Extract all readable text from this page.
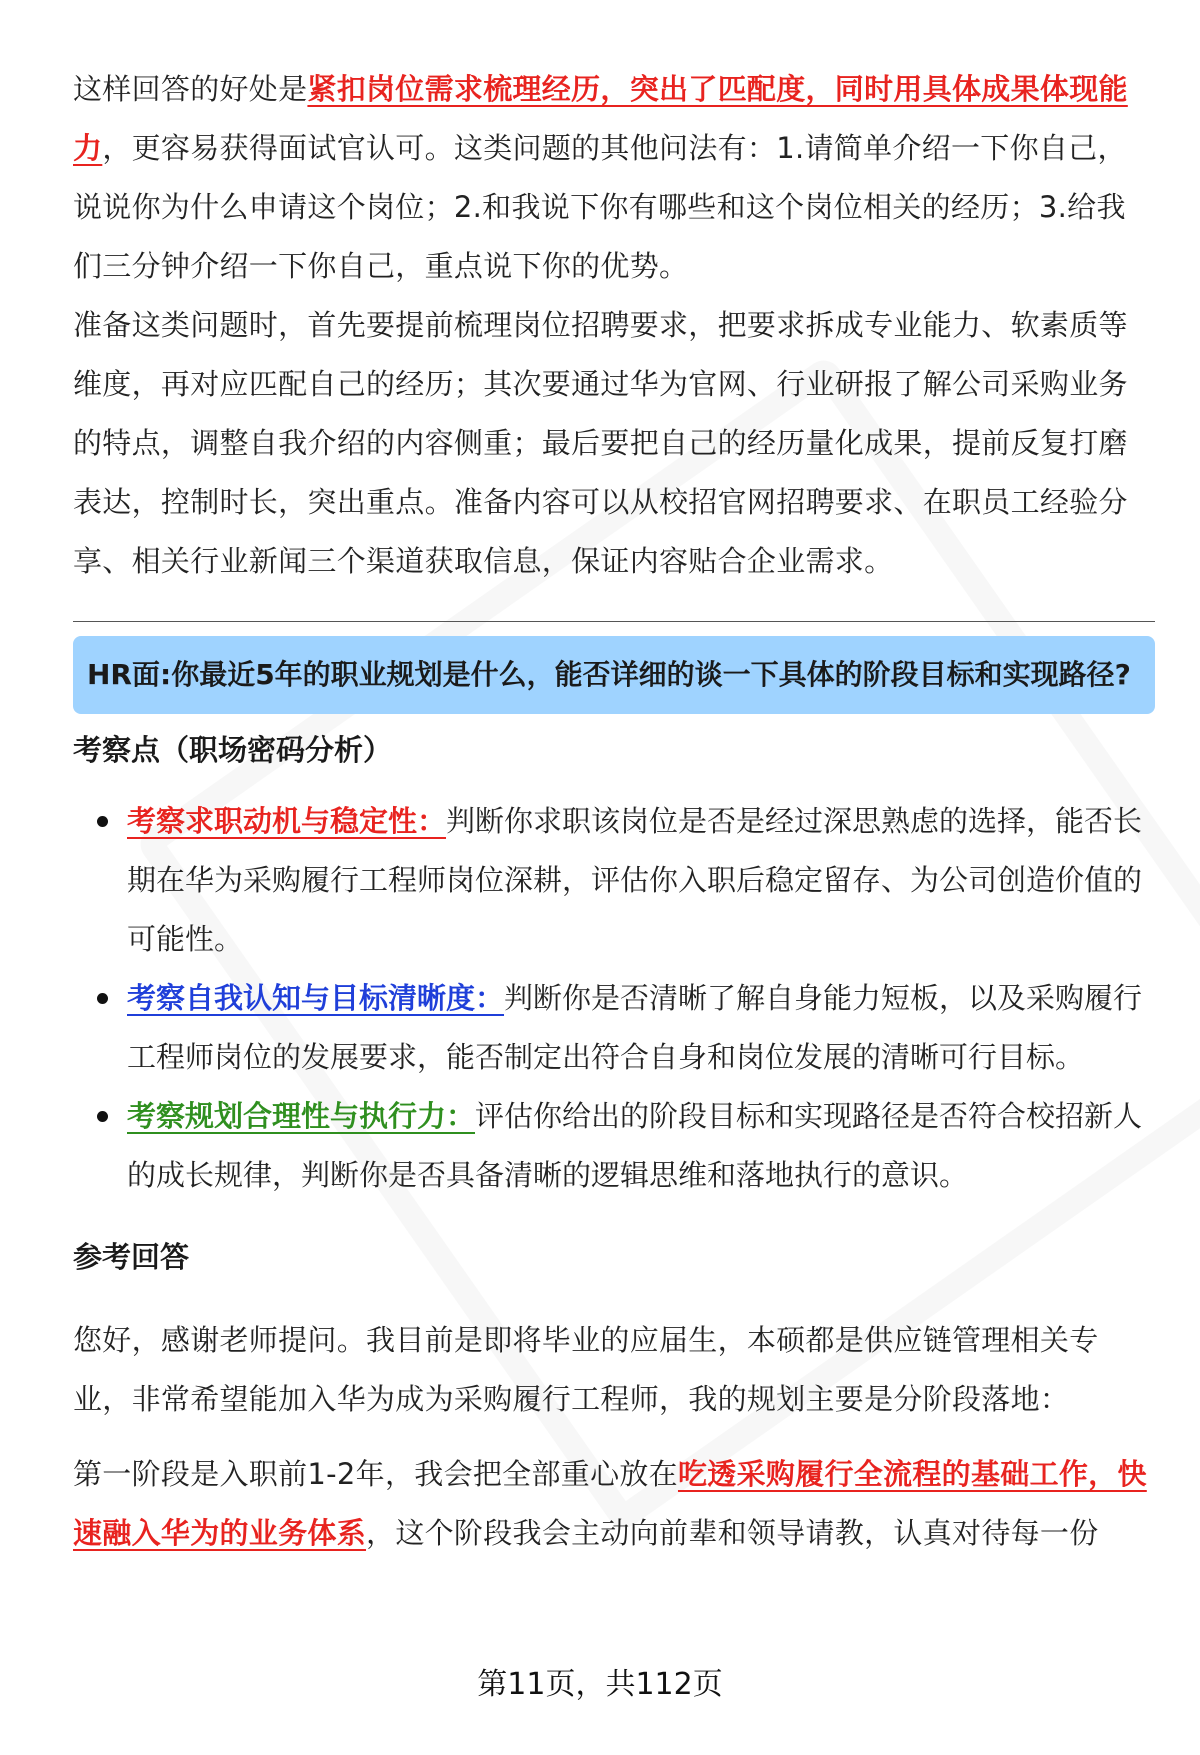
这样回答的好处是紧扣岗位需求梳理经历，突出了匹配度，同时用具体成果体现能力，更容易获得面试官认可。这类问题的其他问法有：1.请简单介绍一下你自己，说说你为什么申请这个岗位；2.和我说下你有哪些和这个岗位相关的经历；3.给我们三分钟介绍一下你自己，重点说下你的优势。

准备这类问题时，首先要提前梳理岗位招聘要求，把要求拆成专业能力、软素质等维度，再对应匹配自己的经历；其次要通过华为官网、行业研报了解公司采购业务的特点，调整自我介绍的内容侧重；最后要把自己的经历量化成果，提前反复打磨表达，控制时长，突出重点。准备内容可以从校招官网招聘要求、在职员工经验分享、相关行业新闻三个渠道获取信息，保证内容贴合企业需求。

HR面:你最近5年的职业规划是什么，能否详细的谈一下具体的阶段目标和实现路径?
考察点（职场密码分析）
考察求职动机与稳定性：判断你求职该岗位是否是经过深思熟虑的选择，能否长期在华为采购履行工程师岗位深耕，评估你入职后稳定留存、为公司创造价值的可能性。
考察自我认知与目标清晰度：判断你是否清晰了解自身能力短板，以及采购履行工程师岗位的发展要求，能否制定出符合自身和岗位发展的清晰可行目标。
考察规划合理性与执行力：评估你给出的阶段目标和实现路径是否符合校招新人的成长规律，判断你是否具备清晰的逻辑思维和落地执行的意识。
参考回答

您好，感谢老师提问。我目前是即将毕业的应届生，本硕都是供应链管理相关专业，非常希望能加入华为成为采购履行工程师，我的规划主要是分阶段落地：

第一阶段是入职前1-2年，我会把全部重心放在吃透采购履行全流程的基础工作，快速融入华为的业务体系，这个阶段我会主动向前辈和领导请教，认真对待每一份

第11页，共112页
